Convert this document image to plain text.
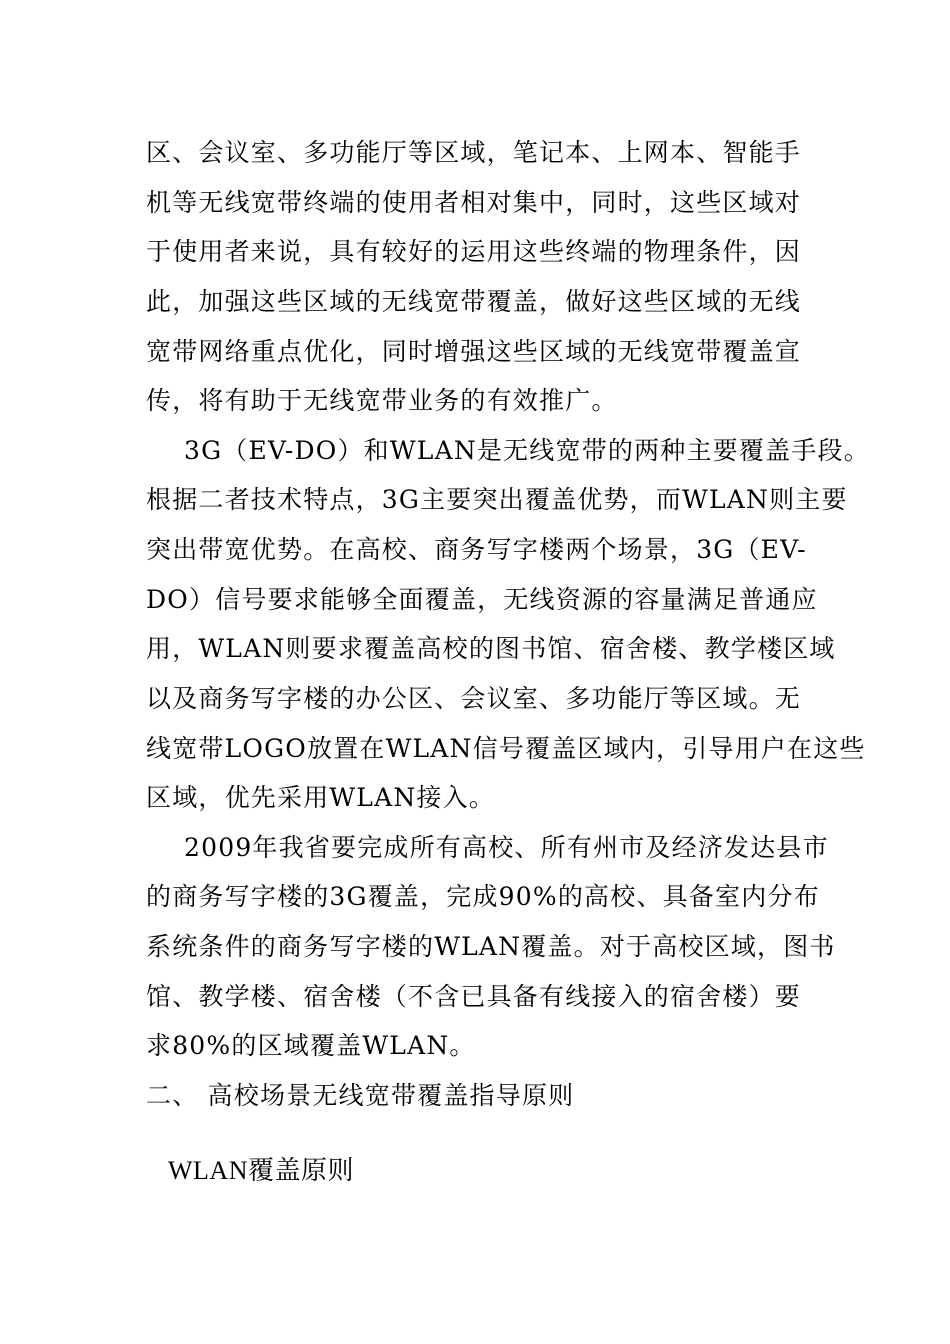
区、会议室、多功能厅等区域，笔记本、上网本、智能手
机等无线宽带终端的使用者相对集中，同时，这些区域对
于使用者来说，具有较好的运用这些终端的物理条件，因
此，加强这些区域的无线宽带覆盖，做好这些区域的无线
宽带网络重点优化，同时增强这些区域的无线宽带覆盖宣
传，将有助于无线宽带业务的有效推广。
3G（EV-DO）和WLAN是无线宽带的两种主要覆盖手段。
根据二者技术特点，3G主要突出覆盖优势，而WLAN则主要
突出带宽优势。在高校、商务写字楼两个场景，3G（EV-
DO）信号要求能够全面覆盖，无线资源的容量满足普通应
用，WLAN则要求覆盖高校的图书馆、宿舍楼、教学楼区域
以及商务写字楼的办公区、会议室、多功能厅等区域。无
线宽带LOGO放置在WLAN信号覆盖区域内，引导用户在这些
区域，优先采用WLAN接入。
2009年我省要完成所有高校、所有州市及经济发达县市
的商务写字楼的3G覆盖，完成90%的高校、具备室内分布
系统条件的商务写字楼的WLAN覆盖。对于高校区域，图书
馆、教学楼、宿舍楼（不含已具备有线接入的宿舍楼）要
求80%的区域覆盖WLAN。
二、 高校场景无线宽带覆盖指导原则
WLAN覆盖原则
